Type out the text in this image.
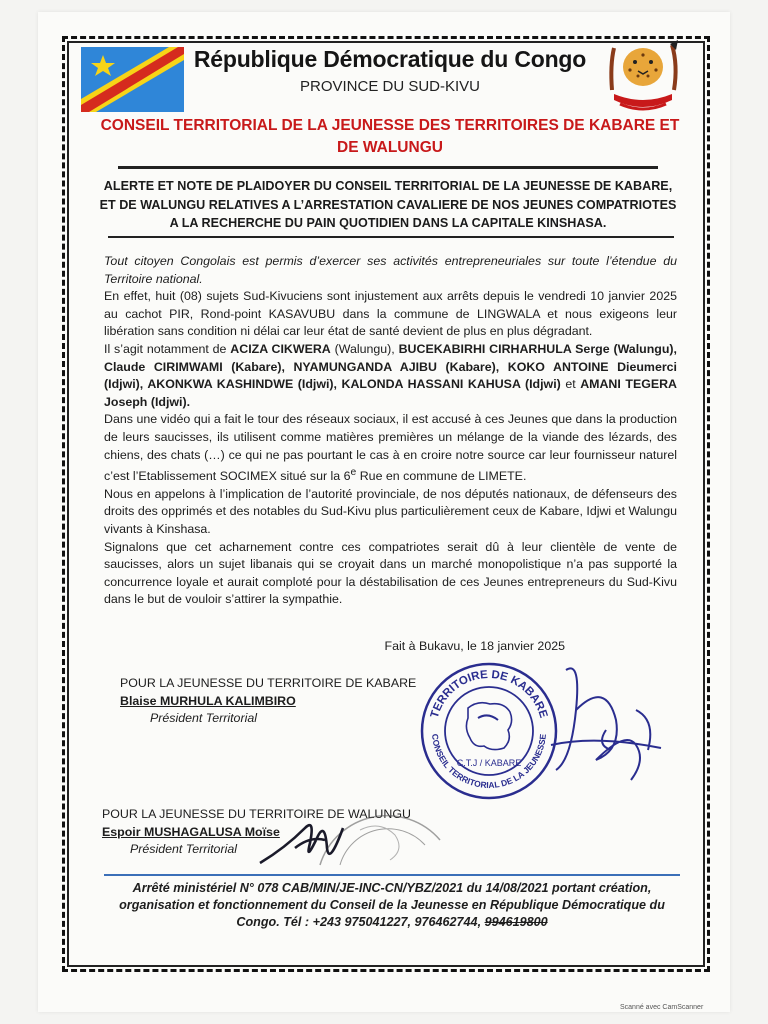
République Démocratique du Congo
PROVINCE DU SUD-KIVU
CONSEIL TERRITORIAL DE LA JEUNESSE DES TERRITOIRES DE KABARE ET DE WALUNGU
ALERTE ET NOTE DE PLAIDOYER DU CONSEIL TERRITORIAL DE LA JEUNESSE DE KABARE, ET DE WALUNGU RELATIVES A L’ARRESTATION CAVALIERE DE NOS JEUNES COMPATRIOTES A LA RECHERCHE DU PAIN QUOTIDIEN DANS LA CAPITALE KINSHASA.

Tout citoyen Congolais est permis d’exercer ses activités entrepreneuriales sur toute l’étendue du Territoire national.

En effet, huit (08) sujets Sud-Kivuciens sont injustement aux arrêts depuis le vendredi 10 janvier 2025 au cachot PIR, Rond-point KASAVUBU dans la commune de LINGWALA et nous exigeons leur libération sans condition ni délai car leur état de santé devient de plus en plus dégradant.

Il s’agit notamment de ACIZA CIKWERA (Walungu), BUCEKABIRHI CIRHARHULA Serge (Walungu), Claude CIRIMWAMI (Kabare), NYAMUNGANDA AJIBU (Kabare), KOKO ANTOINE Dieumerci (Idjwi), AKONKWA KASHINDWE (Idjwi), KALONDA HASSANI KAHUSA (Idjwi) et AMANI TEGERA Joseph (Idjwi).

Dans une vidéo qui a fait le tour des réseaux sociaux, il est accusé à ces Jeunes que dans la production de leurs saucisses, ils utilisent comme matières premières un mélange de la viande des lézards, des chiens, des chats (…) ce qui ne pas pourtant le cas à en croire notre source car leur fournisseur naturel c’est l’Etablissement SOCIMEX situé sur la 6e Rue en commune de LIMETE.

Nous en appelons à l’implication de l’autorité provinciale, de nos députés nationaux, de défenseurs des droits des opprimés et des notables du Sud-Kivu plus particulièrement ceux de Kabare, Idjwi et Walungu vivants à Kinshasa.

Signalons que cet acharnement contre ces compatriotes serait dû à leur clientèle de vente de saucisses, alors un sujet libanais qui se croyait dans un marché monopolistique n’a pas supporté la concurrence loyale et aurait comploté pour la déstabilisation de ces Jeunes entrepreneurs du Sud-Kivu dans le but de vouloir s’attirer la sympathie.

Fait à Bukavu, le 18 janvier 2025
POUR LA JEUNESSE DU TERRITOIRE DE KABARE
Blaise MURHULA KALIMBIRO
Président Territorial	TERRITOIRE DE KABARE
CONSEIL TERRITORIAL DE LA JEUNESSE
C.T.J / KABARE
POUR LA JEUNESSE DU TERRITOIRE DE WALUNGU
Espoir MUSHAGALUSA Moïse
Président Territorial
Arrêté ministériel N° 078 CAB/MIN/JE-INC-CN/YBZ/2021 du 14/08/2021 portant création, organisation et fonctionnement du Conseil de la Jeunesse en République Démocratique du Congo. Tél : +243 975041227, 976462744, 994619800
Scanné avec CamScanner
